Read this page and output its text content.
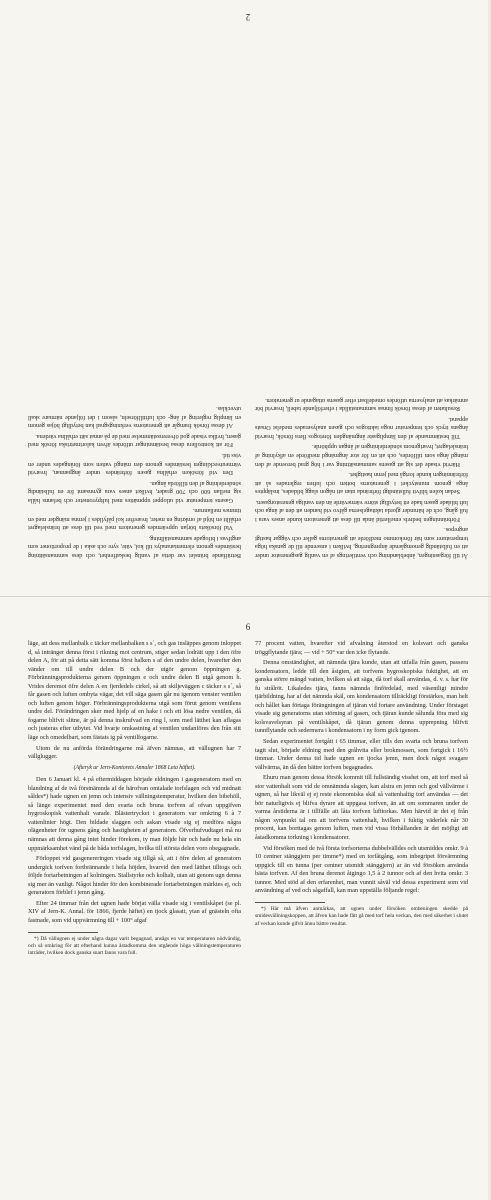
2

Åt till förgasningen, ånbeblandning och ventilerings af en vanlig gasgenerator under att en fullständig genomgående ånpregnering, hvilken i anseende till de ganska höga temperaturer som här förekommo medförde att generatorns galler och väggar hastigt angrepos.

Förbränningen bedrefs emellertid ända till dess att generatorn kunde anses vara i full gång, och de härunder gjorda iakttagelserna gåfvo vid handen att den af ånga och luft bildade gasen hade ett betydligt större värmevärde än den vanliga generatorgasen.

Sedan kolen blifvit fullständigt förbrända utan att någon slagg bildades, insläpptes ånga genom munstycket i generatorns botten och luften reglerades så att förbränningen kunde fortgå med jemn hastighet.

Härvid visade det sig att gasens sammansättning var i hög grad beroende af den mängd ånga som tillfördes, och att en för stor ångmängd medförde en afkylning af bränslelagret, hvarigenom sönderdelningen af ångan upphörde.

Till bestämmande af den lämpligaste ångmängden företogos flera försök, hvarvid ångans tryck och temperatur noga iakttogos och gasen analyserades medelst Orsats apparat.

Resultaten af dessa försök finnas sammanställda i efterföljande tabell, hvarvid bör anmärkas att analyserna utfördes omedelbart efter gasens uttagande ur generatorn.

Beträffande bränslet var detta af vanlig beskaffenhet, och dess sammansättning bestämdes genom elementaranalys till kol, väte, syre och aska i de proportioner som angifvas i bifogade sammanställning.

Vid försökets början uppvärmdes generatorn med ved till dess att bränslelagret erhållit en höjd af omkring en meter, hvarefter kol påfylldes i jemna mängder med en timmes mellanrum.

Gasens temperatur vid utloppet uppmättes med luftpyrometer och befanns hålla sig mellan 600 och 700 grader, hvilket anses vara gynnsamt för en fullständig sönderdelning af den tillförda ångan.

Den vid försöken erhållna gasen förbrändes under ångpannan, hvarvid värmeutvecklingen bestämdes genom den mängd vatten som förångades under en viss tid.

För att kontrollera dessa bestämningar utfördes äfven kalorimetriska försök med gasen, hvilka visade god öfverensstämmelse med de på annat sätt erhållna värdena.

Af dessa försök framgår att generatorns verkningsgrad kan betydligt höjas genom en lämplig reglering af ång- och lufttillförseln, såsom i det följande närmare skall utvecklas.

6

läge, att dess mellanbalk c täcker mellanbalken s s´, och gas insläppes genom inloppet d, så intränger denna först i rikning mot centrum, stiger sedan lodrätt upp i den öfre delen A, för att på detta sätt komma först halken s af den undre delen, hvarefter den vänder om till undre delen B och der utgör genom öppningen g. Förbränningsprodukterna genom öppningen e och undre delen B utgå genom h. Vrides deremot öfre delen A en fjerdedels cirkel, så att skiljeväggen c täcker s s´, så får gasen och luften ombyta vägar, det vill säga gasen går nu igenom venster ventilen och luften genom höger. Förbränningsprodukterna utgå som förut genom ventilens undre del. Förändringen sker med hjelp af en hake i och ett lösa nedre ventilen, då fogarne blifvit slitne, är på denna inskrufvad en ring l, som med lätthet kan aflagas och justeras efter utbytet. Vid hvarje omkastning af ventilen undanföres den från sitt läge och omedelbart, som fästats ig på ventilfogarne.

Utom de nu anförda förändringarne må äfven nämnas, att vällugnen har 7 vällglugger.

(Afteryk ur Jern-Kontorets Annaler 1868 Leta häftet).

Den 6 Januari kl. 4 på eftermiddagen började eldningen i gasgeneratorn med en blandning af de två förstnämnda af de härofvan omtalade torfslagen och vid midnatt såldes*) hade ugnen en jemn och intensiv vällningstemperatur, hvilken den bibehöll, så länge experimentet med den svarta och brunа torfven af ofvan uppgifven hygroskopisk vattenhalt varade. Blästertrycket i generatorn var omkring 6 à 7 vattenlinier högt. Den bildade slaggen och askan visade sig ej medföra några olägenheter för ugnens gång och hastigheten af generatorn. Öfverhufvudtaget må nu nämnas att denna gång intet hinder förekom, ty man följde här och hade nu hela sin uppmärksamhet vänd på de båda torfslagen, hvilka till största delen voro obegagnade.

Förloppet vid gasgenereringen visade sig tillgå så, att i öfre delen af generatorn undergick torfven fortbrännande i hela höjden, hvarvid den med lätthet tilltogs och följde fortarbetningen af kolningen. Stallstyrke och kolhalt, utan att genom ugn denna sig mer än vanligt. Något hinder för den kombinerade fortarbetningen märktes ej, och generatorn förblef i jemn gång.

Efter 24 timmar från det ugnen hade börjat välla visade sig i ventilskåpet (se pl. XIV af Jern-K. Annal. för 1866, fjerde häftet) en tjock glasatt, ytan af gnästeln ofta fastnade, som vid uppvärmning till + 100° afgaf

*) Då vällugnen ej under några dagar varit begagnad, ansågs en var temperaturen nödvändig, och så omkring för att efterhand kunna åstadkomma den utgående höga vällningstemperaturen inträder, hvilken dock ganska snart fanns vara full.

77 procent vatten, hvarefter vid afvalning återstod en kolsvart och ganska tröggflytande tjära; — vid + 50° var den icke flytande.

Denna omständighet, att nämnda tjära kunde, utan att utfalla från gasen, passera kondensatorn, ledde till den åsigten, att torfvens hygroskopiska fuktighet, att en ganska större mängd vatten, hvilken så att säga, då torf skall användas, d. v. s. har för fu strålröt. Likaledes tjära, fanns nämnda finfördelad, med väsentligt mindre tjärbildning, har af det nämnda skäl, om kondensatorn tillräckligt förstärkes, man helt och hållet kan förtaga förängningen af tjäran vid fortare användning. Under förstaget visade sig generatorns utan störning af gasen, och tjäran kunde sålunda föra med sig kolsvavelsyran på ventilskåpet, då tjäran genom denna upprepning blifvit tunnflytande och sedermera i kondensatorn i ny form gick igenom.

Sedan experimentet fortgått i 65 timmar, eller tills den svarta och bruna torfven tagit slut, började eldning med den gråhvita eller brokmossen, som fortgick i 16½ timmar. Under denna tid hade ugnen en tjocka jemn, men dock något svagare vällvärma, än då den bättre torfven begagnades.

Ehuru man genom dessa försök kommit till fullständig visshet om, att torf med så stor vattenhalt som vid de omnämnda slagen, kan alstra en jemn och god vällvärme i ugnen, så har likväl ej ej reste ekonomiska skäl så vattenhaltig torf användas — det bör naturligtvis ej blifva dyrare att uppgasa torfven, än att om sommaren under de varma årstiderna är i tillfälle att låta torfven lufttorkas. Men härvid är det ej från någon synpunkt tal om att torfvens vattenhalt, hvilken i fuktig väderlek når 30 procent, kan borttagas genom luften, men vid vissa förhållanden är det möjligt att åstadkomma torkning i kondensatorer.

Vid försöken med de två förstа torfsorterna dubbelvälldes och utsmiddes omkr. 9 à 10 centner stänggjern per timme*) med en torfåtgång, som inbegripet förvärmning uppgick till en tunna (per centner utsmidt stänggjern) ar än vid försöken använda bästa torfven. Af den bruna derenot åtgingo 1,5 à 2 tunnor och af den hvita omkr. 3 tunnor. Med stöd af den erfarenhet, man vunnit såväl vid dessa experiment som vid användning af ved och sågaffall, kan man uppställa följande regel:

*) Här må äfven anmärkas, att ugnen under försöken ombeningen skedde på smidesvällningskoppen, att äfven kan hade fått gå med torf hela veckan, den med säkerhet i slutet af veckan kunde gifvit ännu bättre resultat.
